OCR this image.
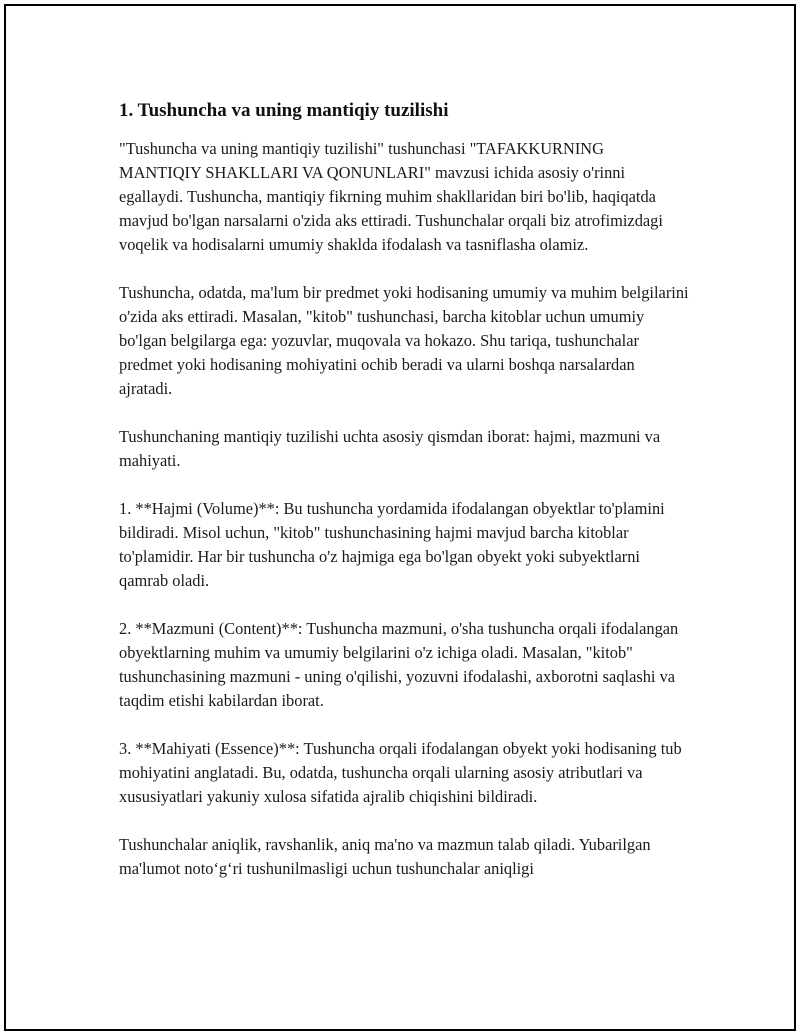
1. Tushuncha va uning mantiqiy tuzilishi

"Tushuncha va uning mantiqiy tuzilishi" tushunchasi "TAFAKKURNING MANTIQIY SHAKLLARI VA QONUNLARI" mavzusi ichida asosiy o'rinni egallaydi. Tushuncha, mantiqiy fikrning muhim shakllaridan biri bo'lib, haqiqatda mavjud bo'lgan narsalarni o'zida aks ettiradi. Tushunchalar orqali biz atrofimizdagi voqelik va hodisalarni umumiy shaklda ifodalash va tasniflasha olamiz.

Tushuncha, odatda, ma'lum bir predmet yoki hodisaning umumiy va muhim belgilarini o'zida aks ettiradi. Masalan, "kitob" tushunchasi, barcha kitoblar uchun umumiy bo'lgan belgilarga ega: yozuvlar, muqovala va hokazo. Shu tariqa, tushunchalar predmet yoki hodisaning mohiyatini ochib beradi va ularni boshqa narsalardan ajratadi.

Tushunchaning mantiqiy tuzilishi uchta asosiy qismdan iborat: hajmi, mazmuni va mahiyati.

1. **Hajmi (Volume)**: Bu tushuncha yordamida ifodalangan obyektlar to'plamini bildiradi. Misol uchun, "kitob" tushunchasining hajmi mavjud barcha kitoblar to'plamidir. Har bir tushuncha o'z hajmiga ega bo'lgan obyekt yoki subyektlarni qamrab oladi.

2. **Mazmuni (Content)**: Tushuncha mazmuni, o'sha tushuncha orqali ifodalangan obyektlarning muhim va umumiy belgilarini o'z ichiga oladi. Masalan, "kitob" tushunchasining mazmuni - uning o'qilishi, yozuvni ifodalashi, axborotni saqlashi va taqdim etishi kabilardan iborat.

3. **Mahiyati (Essence)**: Tushuncha orqali ifodalangan obyekt yoki hodisaning tub mohiyatini anglatadi. Bu, odatda, tushuncha orqali ularning asosiy atributlari va xususiyatlari yakuniy xulosa sifatida ajralib chiqishini bildiradi.

Tushunchalar aniqlik, ravshanlik, aniq ma'no va mazmun talab qiladi. Yubarilgan ma'lumot noto‘g‘ri tushunilmasligi uchun tushunchalar aniqligi
